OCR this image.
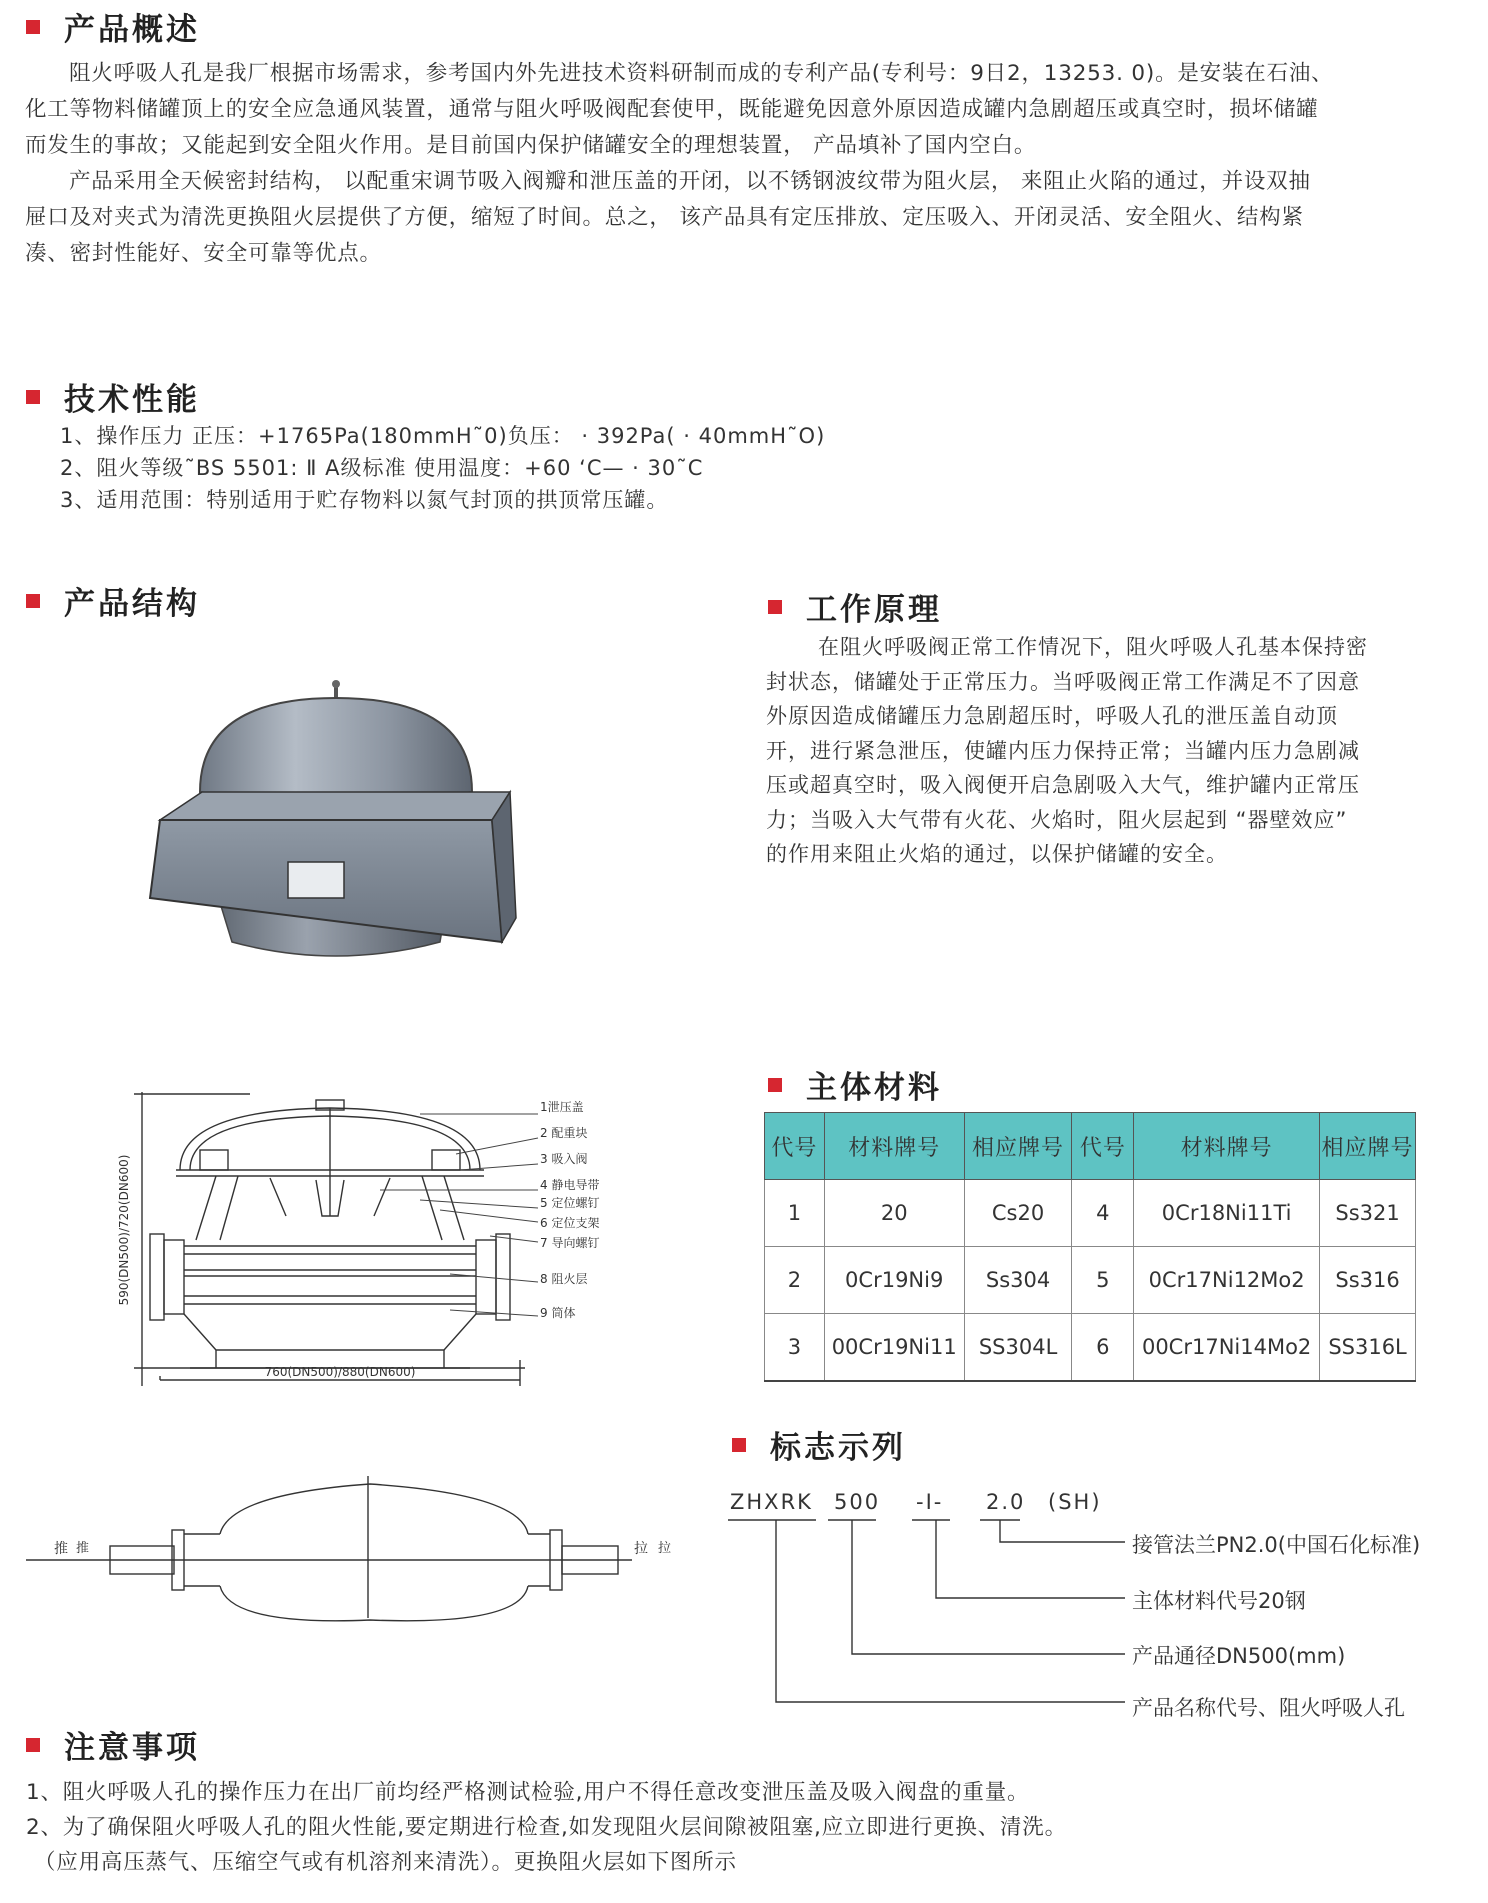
产品概述
阻火呼吸人孔是我厂根据市场需求，参考国内外先进技术资料研制而成的专利产品(专利号：9日2，13253. 0)。是安装在石油、
化工等物料储罐顶上的安全应急通风装置，通常与阻火呼吸阀配套使甲，既能避免因意外原因造成罐内急剧超压或真空时，损坏储罐
而发生的事故；又能起到安全阻火作用。是目前国内保护储罐安全的理想装置， 产品填补了国内空白。
产品采用全天候密封结构， 以配重宋调节吸入阀瓣和泄压盖的开闭，以不锈钢波纹带为阻火层， 来阻止火陷的通过，并设双抽
屉口及对夹式为清洗更换阻火层提供了方便，缩短了时间。总之， 该产品具有定压排放、定压吸入、开闭灵活、安全阻火、结构紧
凑、密封性能好、安全可靠等优点。
技术性能
1、操作压力 正压：+1765Pa(180mmH˜0)负压： · 392Pa( · 40mmH˜O)
2、阻火等级˜BS 5501: Ⅱ A级标准 使用温度：+60 ‘C— · 30˜C
3、适用范围：特别适用于贮存物料以氮气封顶的拱顶常压罐。
产品结构
590(DN500)/720(DN600)
760(DN500)/880(DN600)
1泄压盖
2 配重块
3 吸入阀
4 静电导带
5 定位螺钉
6 定位支架
7 导向螺钉
8 阻火层
9 筒体
推	拉
推	拉
工作原理
在阻火呼吸阀正常工作情况下，阻火呼吸人孔基本保持密
封状态，储罐处于正常压力。当呼吸阀正常工作满足不了因意
外原因造成储罐压力急剧超压时，呼吸人孔的泄压盖自动顶
开，进行紧急泄压，使罐内压力保持正常；当罐内压力急剧减
压或超真空时，吸入阀便开启急剧吸入大气，维护罐内正常压
力；当吸入大气带有火花、火焰时，阻火层起到 “器壁效应”
的作用来阻止火焰的通过，以保护储罐的安全。
主体材料
代号	材料牌号	相应牌号	代号	材料牌号	相应牌号
1	20	Cs20	4	0Cr18Ni11Ti	Ss321
2	0Cr19Ni9	Ss304	5	0Cr17Ni12Mo2	Ss316
3	00Cr19Ni11	SS304L	6	00Cr17Ni14Mo2	SS316L
标志示列
ZHXRK 500 -I- 2.0 (SH)
接管法兰PN2.0(中国石化标准)
主体材料代号20钢
产品通径DN500(mm)
产品名称代号、阻火呼吸人孔
注意事项
1、阻火呼吸人孔的操作压力在出厂前均经严格测试检验,用户不得任意改变泄压盖及吸入阀盘的重量。
2、为了确保阻火呼吸人孔的阻火性能,要定期进行检查,如发现阻火层间隙被阻塞,应立即进行更换、清洗。
（应用高压蒸气、压缩空气或有机溶剂来清洗）。更换阻火层如下图所示
